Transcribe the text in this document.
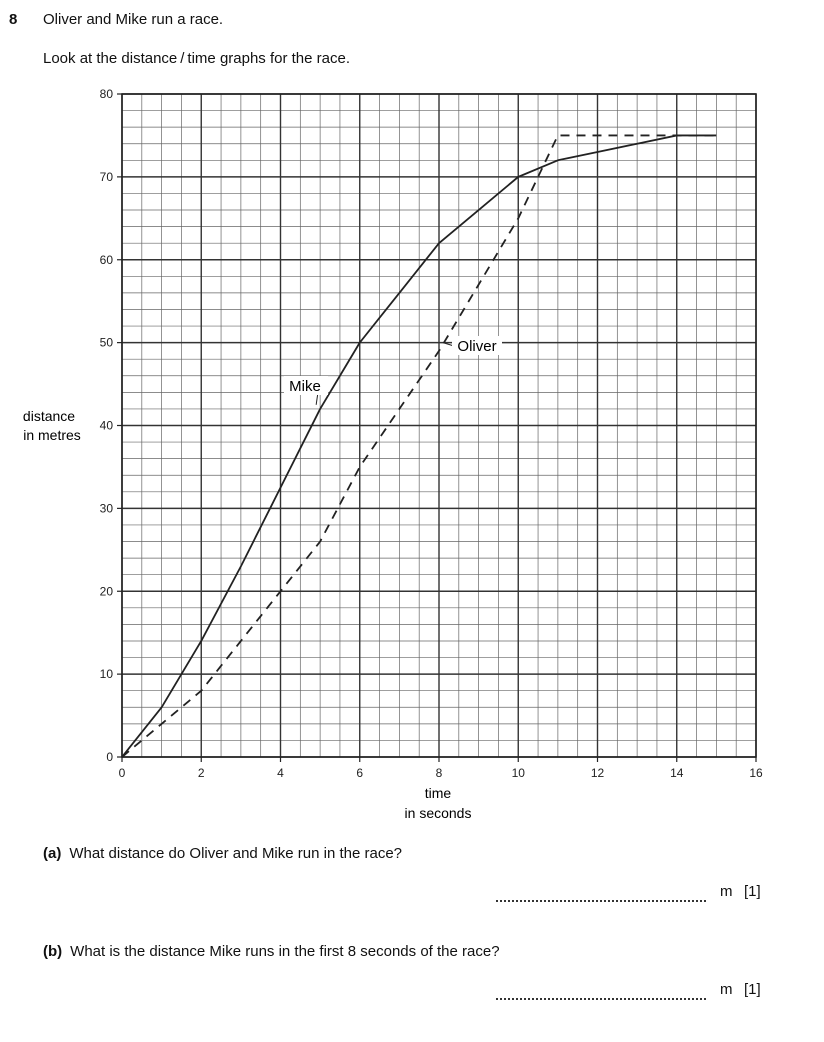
8 Oliver and Mike run a race.
Look at the distance / time graphs for the race.
0	2	4	6	8	10	12	14	16
0
10
20
30
40
50
60
70
80
distance
in metres
time
in seconds
Mike
Oliver
(a) What distance do Oliver and Mike run in the race?
m [1]
(b) What is the distance Mike runs in the first 8 seconds of the race?
m [1]
